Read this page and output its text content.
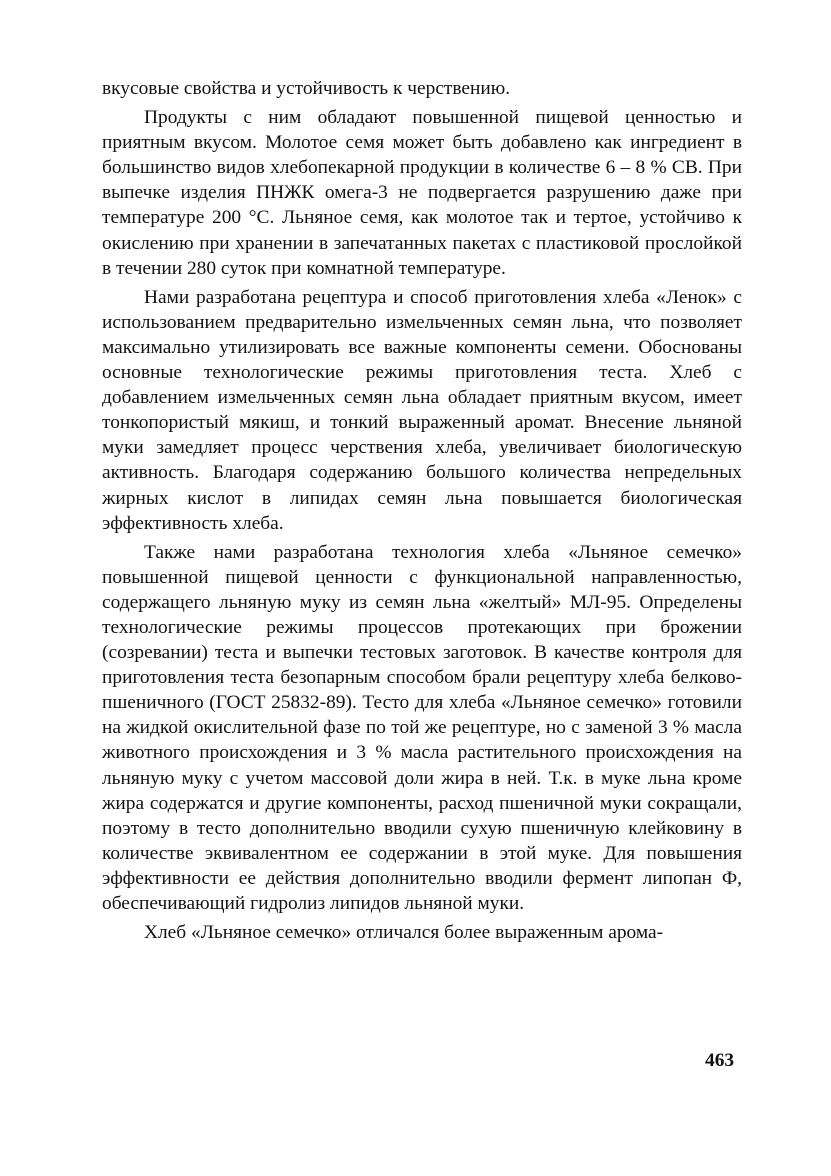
вкусовые свойства и устойчивость к черствению.

Продукты с ним обладают повышенной пищевой ценностью и приятным вкусом. Молотое семя может быть добавлено как ингредиент в большинство видов хлебопекарной продукции в количестве 6 – 8 % СВ. При выпечке изделия ПНЖК омега-3 не подвергается разрушению даже при температуре 200 °С. Льняное семя, как молотое так и тертое, устойчиво к окислению при хранении в запечатанных пакетах с пластиковой прослойкой в течении 280 суток при комнатной температуре.

Нами разработана рецептура и способ приготовления хлеба «Ленок» с использованием предварительно измельченных семян льна, что позволяет максимально утилизировать все важные компоненты семени. Обоснованы основные технологические режимы приготовления теста. Хлеб с добавлением измельченных семян льна обладает приятным вкусом, имеет тонкопористый мякиш, и тонкий выраженный аромат. Внесение льняной муки замедляет процесс черствения хлеба, увеличивает биологическую активность. Благодаря содержанию большого количества непредельных жирных кислот в липидах семян льна повышается биологическая эффективность хлеба.

Также нами разработана технология хлеба «Льняное семечко» повышенной пищевой ценности с функциональной направленностью, содержащего льняную муку из семян льна «желтый» МЛ-95. Определены технологические режимы процессов протекающих при брожении (созревании) теста и выпечки тестовых заготовок. В качестве контроля для приготовления теста безопарным способом брали рецептуру хлеба белково-пшеничного (ГОСТ 25832-89). Тесто для хлеба «Льняное семечко» готовили на жидкой окислительной фазе по той же рецептуре, но с заменой 3 % масла животного происхождения и 3 % масла растительного происхождения на льняную муку с учетом массовой доли жира в ней. Т.к. в муке льна кроме жира содержатся и другие компоненты, расход пшеничной муки сокращали, поэтому в тесто дополнительно вводили сухую пшеничную клейковину в количестве эквивалентном ее содержании в этой муке. Для повышения эффективности ее действия дополнительно вводили фермент липопан Ф, обеспечивающий гидролиз липидов льняной муки.

Хлеб «Льняное семечко» отличался более выраженным арома-

463
